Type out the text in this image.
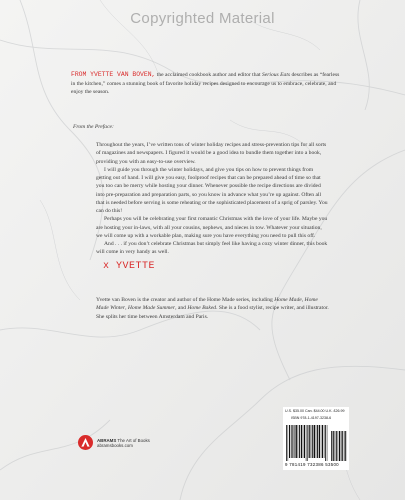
Copyrighted Material
FROM YVETTE VAN BOVEN, the acclaimed cookbook author and editor that Serious Eats describes as “fearless in the kitchen,” comes a stunning book of favorite holiday recipes designed to encourage us to embrace, celebrate, and enjoy the season.
From the Preface:

Throughout the years, I’ve written tons of winter holiday recipes and stress-prevention tips for all sorts of magazines and newspapers. I figured it would be a good idea to bundle them together into a book, providing you with an easy-to-use overview.

I will guide you through the winter holidays, and give you tips on how to prevent things from getting out of hand. I will give you easy, foolproof recipes that can be prepared ahead of time so that you too can be merry while hosting your dinner. Whenever possible the recipe directions are divided into pre-preparation and preparation parts, so you know in advance what you’re up against. Often all that is needed before serving is some reheating or the sophisticated placement of a sprig of parsley. You can do this!

Perhaps you will be celebrating your first romantic Christmas with the love of your life. Maybe you are hosting your in-laws, with all your cousins, nephews, and nieces in tow. Whatever your situation, we will come up with a workable plan, making sure you have everything you need to pull this off.

And . . . if you don’t celebrate Christmas but simply feel like having a cozy winter dinner, this book will come in very handy as well.

x YVETTE
Yvette van Boven is the creator and author of the Home Made series, including Home Made, Home Made Winter, Home Made Summer, and Home Baked. She is a food stylist, recipe writer, and illustrator. She splits her time between Amsterdam and Paris.
ABRAMS The Art of Books
abramsbooks.com
U.S. $35.00 Can. $44.00 U.K. £26.99
ISBN 978-1-4197-3238-6
9 781419 732386 53500
